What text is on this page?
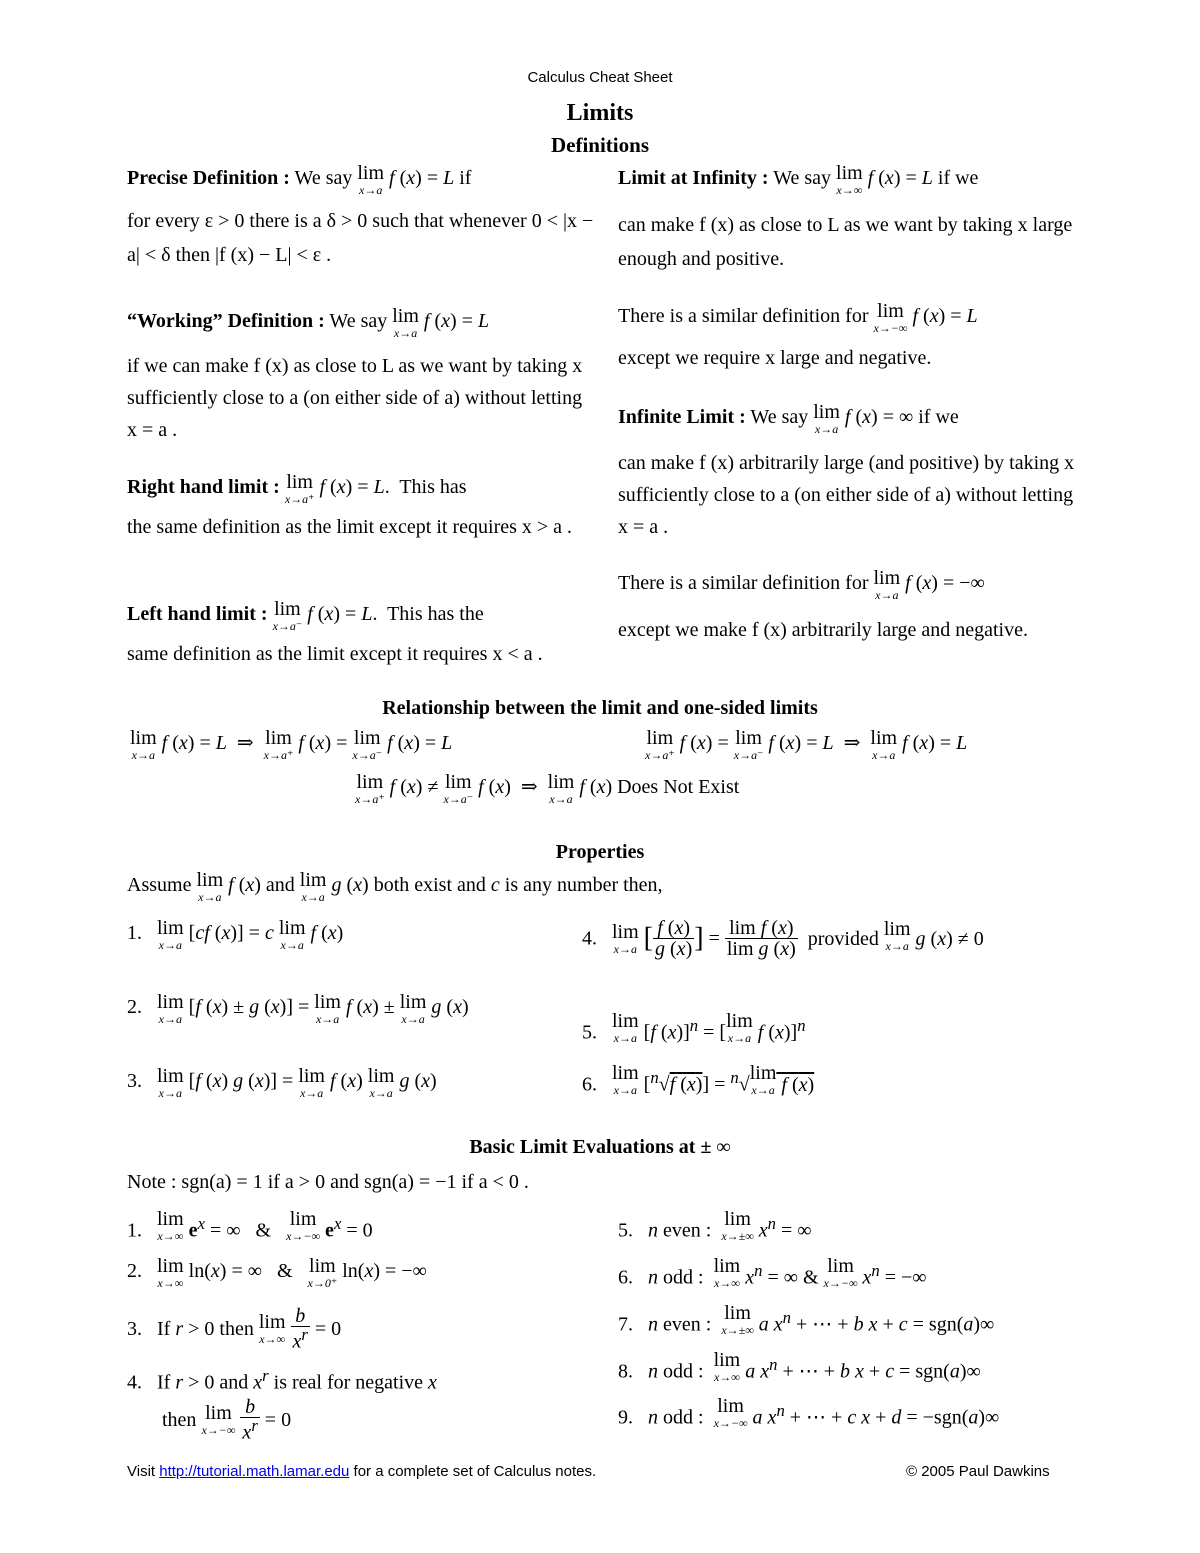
Calculus Cheat Sheet
Limits
Definitions
Precise Definition : We say lim
x→a
f (x) = L if

for every ε > 0 there is a δ > 0 such that whenever 0 < |x − a| < δ then |f (x) − L| < ε .

“Working” Definition : We say lim
x→a
f (x) = L

if we can make f (x) as close to L as we want by taking x sufficiently close to a (on either side of a) without letting x = a .

Right hand limit : lim
x→a⁺
f (x) = L.  This has

the same definition as the limit except it requires x > a .

Left hand limit : lim
x→a⁻
f (x) = L.  This has the

same definition as the limit except it requires x < a .

Limit at Infinity : We say lim
x→∞
f (x) = L if we

can make f (x) as close to L as we want by taking x large enough and positive.

There is a similar definition for lim
x→−∞
f (x) = L

except we require x large and negative.

Infinite Limit : We say lim
x→a
f (x) = ∞ if we

can make f (x) arbitrarily large (and positive) by taking x sufficiently close to a (on either side of a) without letting x = a .

There is a similar definition for lim
x→a
f (x) = −∞

except we make f (x) arbitrarily large and negative.

Relationship between the limit and one-sided limits
lim
x→a
f (x) = L  ⇒ lim
x→a⁺
f (x) = lim
x→a⁻
f (x) = L	lim
x→a⁺
f (x) = lim
x→a⁻
f (x) = L  ⇒ lim
x→a
f (x) = L
lim
x→a⁺
f (x) ≠ lim
x→a⁻
f (x)  ⇒ lim
x→a
f (x) Does Not Exist
Properties
Assume lim
x→a
f (x) and lim
x→a
g (x) both exist and c is any number then,
1. lim
x→a
[cf (x)] = c lim
x→a
f (x)
2. lim
x→a
[f (x) ± g (x)] = lim
x→a
f (x) ± lim
x→a
g (x)
3. lim
x→a
[f (x) g (x)] = lim
x→a
f (x) lim
x→a
g (x)
4. lim
x→a [ $\frac{f (x)}{g (x)}$ ] = $\frac{\text{lim f (x)}}{\text{lim g (x)}}$ provided lim
x→a g (x) ≠ 0
5.
lim
x→a [f (x)]$^n$ = [
lim
x→a f (x)]$^n$
6.
lim
x→a [$^n$√f (x)] = $^n$√
lim
x→a f (x)
Basic Limit Evaluations at ± ∞
Note : sgn(a) = 1 if a > 0 and sgn(a) = −1 if a < 0 .
1.
lim
x→∞ $e^x$ = ∞   &
lim
x→−∞ $e^x = 0$
2. lim
x→∞
ln(x) = ∞   & lim
x→0⁺
ln(x) = −∞
3.   If r > 0 then lim
x→∞
$\frac{b}{x^r} = 0$
4.   If r > 0 and $x^r$ is real for negative x
then lim
x→−∞
$\frac{b}{x^r} = 0$
5.   n even :
lim
x→±∞ $x^n$ = ∞
6.   n odd :
lim
x→∞ $x^n$ = ∞ &
lim
x→−∞ $x^n$ = −∞
7.   n even :
lim
x→±∞ a $x^n$ + ⋯ + b x + c = sgn(a)∞
8.   n odd :
lim
x→∞ a $x^n$ + ⋯ + b x + c = sgn(a)∞
9.   n odd :
lim
x→−∞ a $x^n$ + ⋯ + c x + d = −sgn(a)∞
Visit http://tutorial.math.lamar.edu for a complete set of Calculus notes.	© 2005 Paul Dawkins
